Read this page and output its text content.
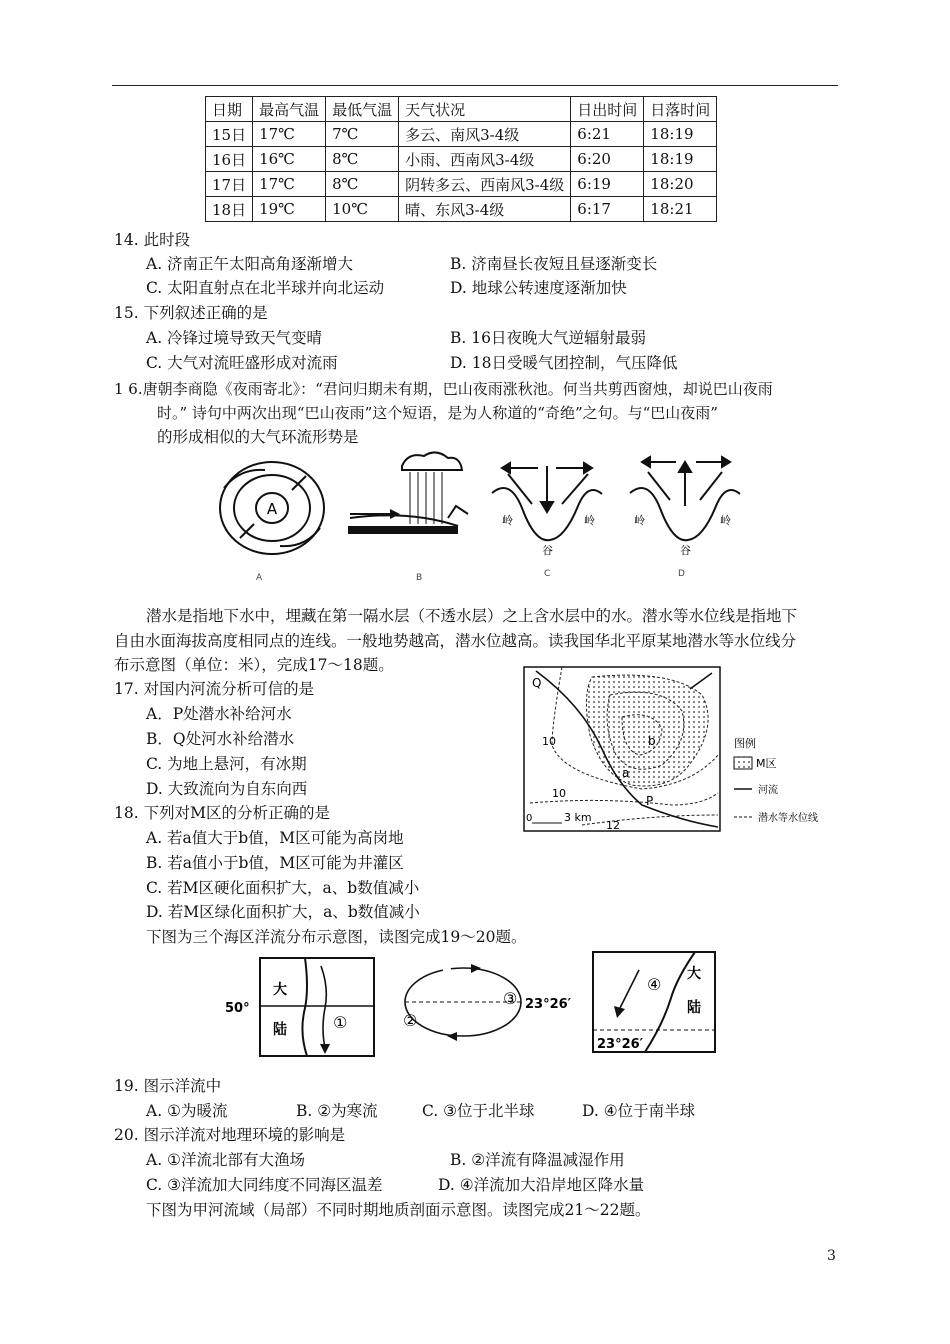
日期	最高气温	最低气温	天气状况	日出时间	日落时间
15日	17℃	7℃	多云、南风3-4级	6:21	18:19
16日	16℃	8℃	小雨、西南风3-4级	6:20	18:19
17日	17℃	8℃	阴转多云、西南风3-4级	6:19	18:20
18日	19℃	10℃	晴、东风3-4级	6:17	18:21
14. 此时段
A. 济南正午太阳高角逐渐增大	B. 济南昼长夜短且昼逐渐变长
C. 太阳直射点在北半球并向北运动	D. 地球公转速度逐渐加快
15. 下列叙述正确的是
A. 冷锋过境导致天气变晴	B. 16日夜晚大气逆辐射最弱
C. 大气对流旺盛形成对流雨	D. 18日受暖气团控制，气压降低
1 6.唐朝李商隐《夜雨寄北》：“君问归期未有期，巴山夜雨涨秋池。何当共剪西窗烛，却说巴山夜雨
时。” 诗句中两次出现“巴山夜雨”这个短语，是为人称道的“奇绝”之句。与“巴山夜雨”
的形成相似的大气环流形势是
A
A	B
岭	岭
谷
C
岭	岭
谷
D
潜水是指地下水中，埋藏在第一隔水层（不透水层）之上含水层中的水。潜水等水位线是指地下
自由水面海拔高度相同点的连线。一般地势越高，潜水位越高。读我国华北平原某地潜水等水位线分
布示意图（单位：米），完成17～18题。
17. 对国内河流分析可信的是
A．P处潜水补给河水
B．Q处河水补给潜水
C. 为地上悬河，有冰期
D. 大致流向为自东向西
18. 下列对M区的分析正确的是
A. 若a值大于b值，M区可能为高岗地
B. 若a值小于b值，M区可能为井灌区
C. 若M区硬化面积扩大，a、b数值减小
D. 若M区绿化面积扩大，a、b数值减小
Q
P
b
a
10
10
12
0	3 km
图例
M区
河流
潜水等水位线
下图为三个海区洋流分布示意图，读图完成19～20题。
50°
大
陆	①	②
③ 23°26′
④
大
陆
23°26′
19. 图示洋流中
A. ①为暖流	B. ②为寒流	C. ③位于北半球	D. ④位于南半球
20. 图示洋流对地理环境的影响是
A. ①洋流北部有大渔场	B. ②洋流有降温减湿作用
C. ③洋流加大同纬度不同海区温差	D. ④洋流加大沿岸地区降水量
下图为甲河流域（局部）不同时期地质剖面示意图。读图完成21～22题。
3
